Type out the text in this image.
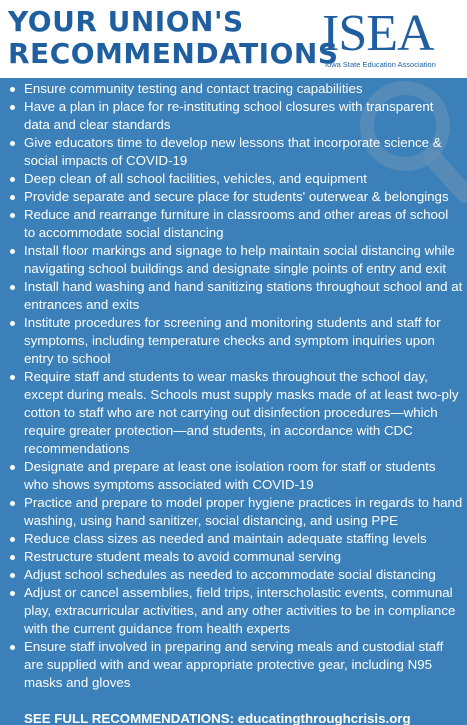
YOUR UNION'S
RECOMMENDATIONS
ISEA
Iowa State Education Association
Ensure community testing and contact tracing capabilities
Have a plan in place for re-instituting school closures with transparent data and clear standards
Give educators time to develop new lessons that incorporate science & social impacts of COVID-19
Deep clean of all school facilities, vehicles, and equipment
Provide separate and secure place for students' outerwear & belongings
Reduce and rearrange furniture in classrooms and other areas of school to accommodate social distancing
Install floor markings and signage to help maintain social distancing while navigating school buildings and designate single points of entry and exit
Install hand washing and hand sanitizing stations throughout school and at entrances and exits
Institute procedures for screening and monitoring students and staff for symptoms, including temperature checks and symptom inquiries upon entry to school
Require staff and students to wear masks throughout the school day, except during meals. Schools must supply masks made of at least two-ply cotton to staff who are not carrying out disinfection procedures—which require greater protection—and students, in accordance with CDC recommendations
Designate and prepare at least one isolation room for staff or students who shows symptoms associated with COVID-19
Practice and prepare to model proper hygiene practices in regards to hand washing, using hand sanitizer, social distancing, and using PPE
Reduce class sizes as needed and maintain adequate staffing levels
Restructure student meals to avoid communal serving
Adjust school schedules as needed to accommodate social distancing
Adjust or cancel assemblies, field trips, interscholastic events, communal play, extracurricular activities, and any other activities to be in compliance with the current guidance from health experts
Ensure staff involved in preparing and serving meals and custodial staff are supplied with and wear appropriate protective gear, including N95 masks and gloves

SEE FULL RECOMMENDATIONS: educatingthroughcrisis.org
